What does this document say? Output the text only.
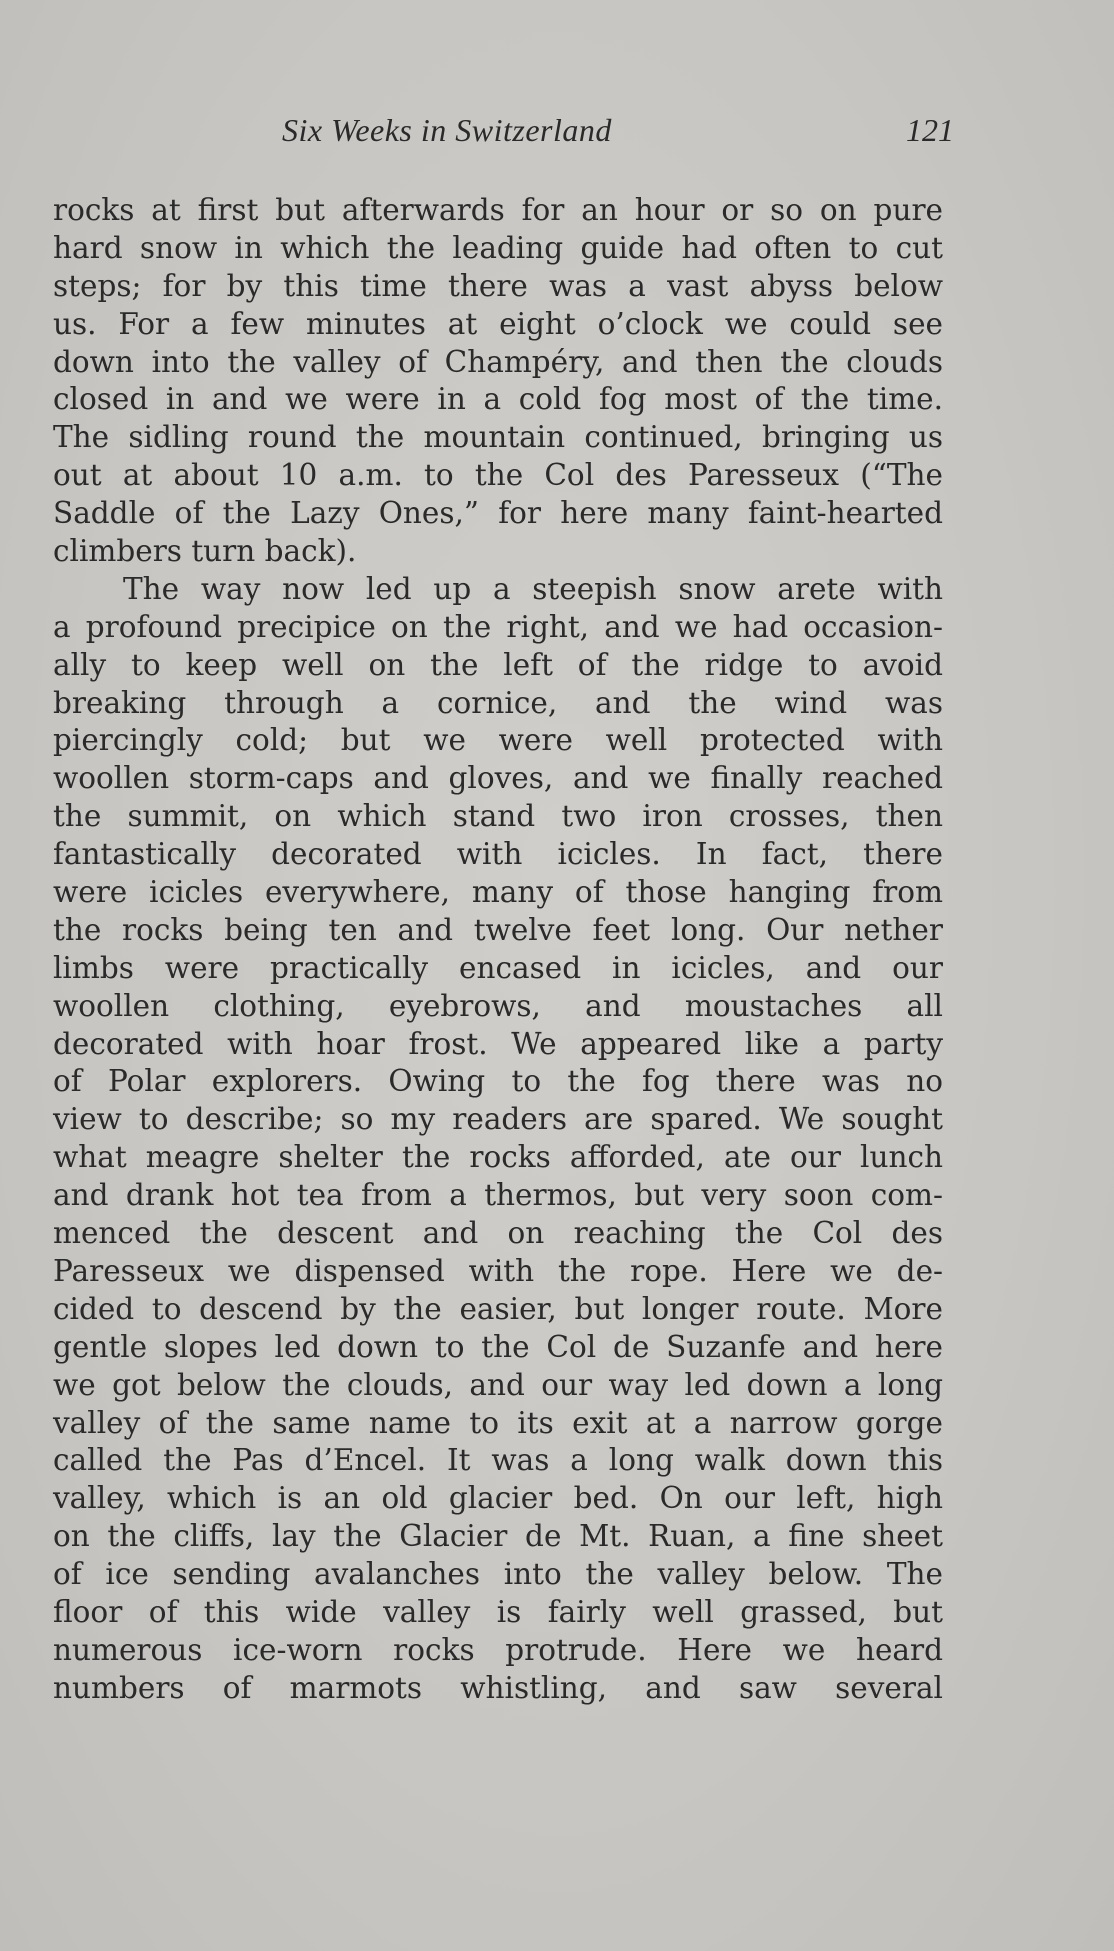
Six Weeks in Switzerland	121
rocks at first but afterwards for an hour or so on pure
hard snow in which the leading guide had often to cut
steps; for by this time there was a vast abyss below
us. For a few minutes at eight o’clock we could see
down into the valley of Champéry, and then the clouds
closed in and we were in a cold fog most of the time.
The sidling round the mountain continued, bringing us
out at about 10 a.m. to the Col des Paresseux (“The
Saddle of the Lazy Ones,” for here many faint-hearted
climbers turn back).
The way now led up a steepish snow arete with
a profound precipice on the right, and we had occasion-
ally to keep well on the left of the ridge to avoid
breaking through a cornice, and the wind was
piercingly cold; but we were well protected with
woollen storm-caps and gloves, and we finally reached
the summit, on which stand two iron crosses, then
fantastically decorated with icicles. In fact, there
were icicles everywhere, many of those hanging from
the rocks being ten and twelve feet long. Our nether
limbs were practically encased in icicles, and our
woollen clothing, eyebrows, and moustaches all
decorated with hoar frost. We appeared like a party
of Polar explorers. Owing to the fog there was no
view to describe; so my readers are spared. We sought
what meagre shelter the rocks afforded, ate our lunch
and drank hot tea from a thermos, but very soon com-
menced the descent and on reaching the Col des
Paresseux we dispensed with the rope. Here we de-
cided to descend by the easier, but longer route. More
gentle slopes led down to the Col de Suzanfe and here
we got below the clouds, and our way led down a long
valley of the same name to its exit at a narrow gorge
called the Pas d’Encel. It was a long walk down this
valley, which is an old glacier bed. On our left, high
on the cliffs, lay the Glacier de Mt. Ruan, a fine sheet
of ice sending avalanches into the valley below. The
floor of this wide valley is fairly well grassed, but
numerous ice-worn rocks protrude. Here we heard
numbers of marmots whistling, and saw several
